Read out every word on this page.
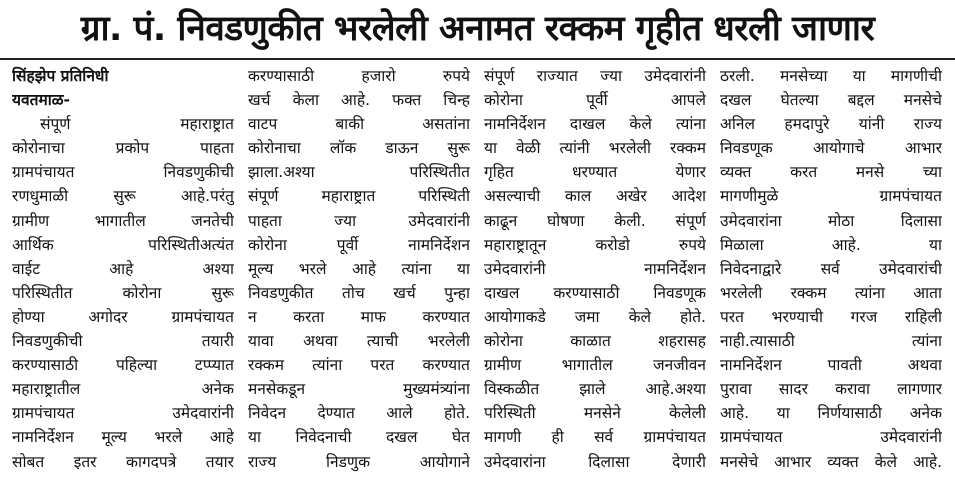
ग्रा. पं. निवडणुकीत भरलेली अनामत रक्कम गृहीत धरली जाणार

सिंहझेप प्रतिनिधी

यवतमाळ-

संपूर्ण महाराष्ट्रात

कोरोनाचा प्रकोप पाहता

ग्रामपंचायत निवडणुकीची

रणधुमाळी सुरू आहे.परंतु

ग्रामीण भागातील जनतेची

आर्थिक परिस्थितीअत्यंत

वाईट आहे अश्या

परिस्थितीत कोरोना सुरू

होण्या अगोदर ग्रामपंचायत

निवडणुकीची तयारी

करण्यासाठी पहिल्या टप्प्यात

महाराष्ट्रातील अनेक

ग्रामपंचायत उमेदवारांनी

नामनिर्देशन मूल्य भरले आहे

सोबत इतर कागदपत्रे तयार

करण्यासाठी हजारो रुपये

खर्च केला आहे. फक्त चिन्ह

वाटप बाकी असतांना

कोरोनाचा लॉक डाऊन सुरू

झाला.अश्या परिस्थितीत

संपूर्ण महाराष्ट्रात परिस्थिती

पाहता ज्या उमेदवारांनी

कोरोना पूर्वी नामनिर्देशन

मूल्य भरले आहे त्यांना या

निवडणुकीत तोच खर्च पुन्हा

न करता माफ करण्यात

यावा अथवा त्याची भरलेली

रक्कम त्यांना परत करण्यात

मनसेकडून मुख्यमंत्र्यांना

निवेदन देण्यात आले होते.

या निवेदनाची दखल घेत

राज्य निडणुक आयोगाने

संपूर्ण राज्यात ज्या उमेदवारांनी

कोरोना पूर्वी आपले

नामनिर्देशन दाखल केले त्यांना

या वेळी त्यांनी भरलेली रक्कम

गृहित धरण्यात येणार

असल्याची काल अखेर आदेश

काढून घोषणा केली. संपूर्ण

महाराष्ट्रातून करोडो रुपये

उमेदवारांनी नामनिर्देशन

दाखल करण्यासाठी निवडणूक

आयोगाकडे जमा केले होते.

कोरोना काळात शहरासह

ग्रामीण भागातील जनजीवन

विस्कळीत झाले आहे.अश्या

परिस्थिती मनसेने केलेली

मागणी ही सर्व ग्रामपंचायत

उमेदवारांना दिलासा देणारी

ठरली. मनसेच्या या मागणीची

दखल घेतल्या बद्दल मनसेचे

अनिल हमदापुरे यांनी राज्य

निवडणूक आयोगाचे आभार

व्यक्त करत मनसे च्या

मागणीमुळे ग्रामपंचायत

उमेदवारांना मोठा दिलासा

मिळाला आहे. या

निवेदनाद्वारे सर्व उमेदवारांची

भरलेली रक्कम त्यांना आता

परत भरण्याची गरज राहिली

नाही.त्यासाठी त्यांना

नामनिर्देशन पावती अथवा

पुरावा सादर करावा लागणार

आहे. या निर्णयासाठी अनेक

ग्रामपंचायत उमेदवारांनी

मनसेचे आभार व्यक्त केले आहे.
